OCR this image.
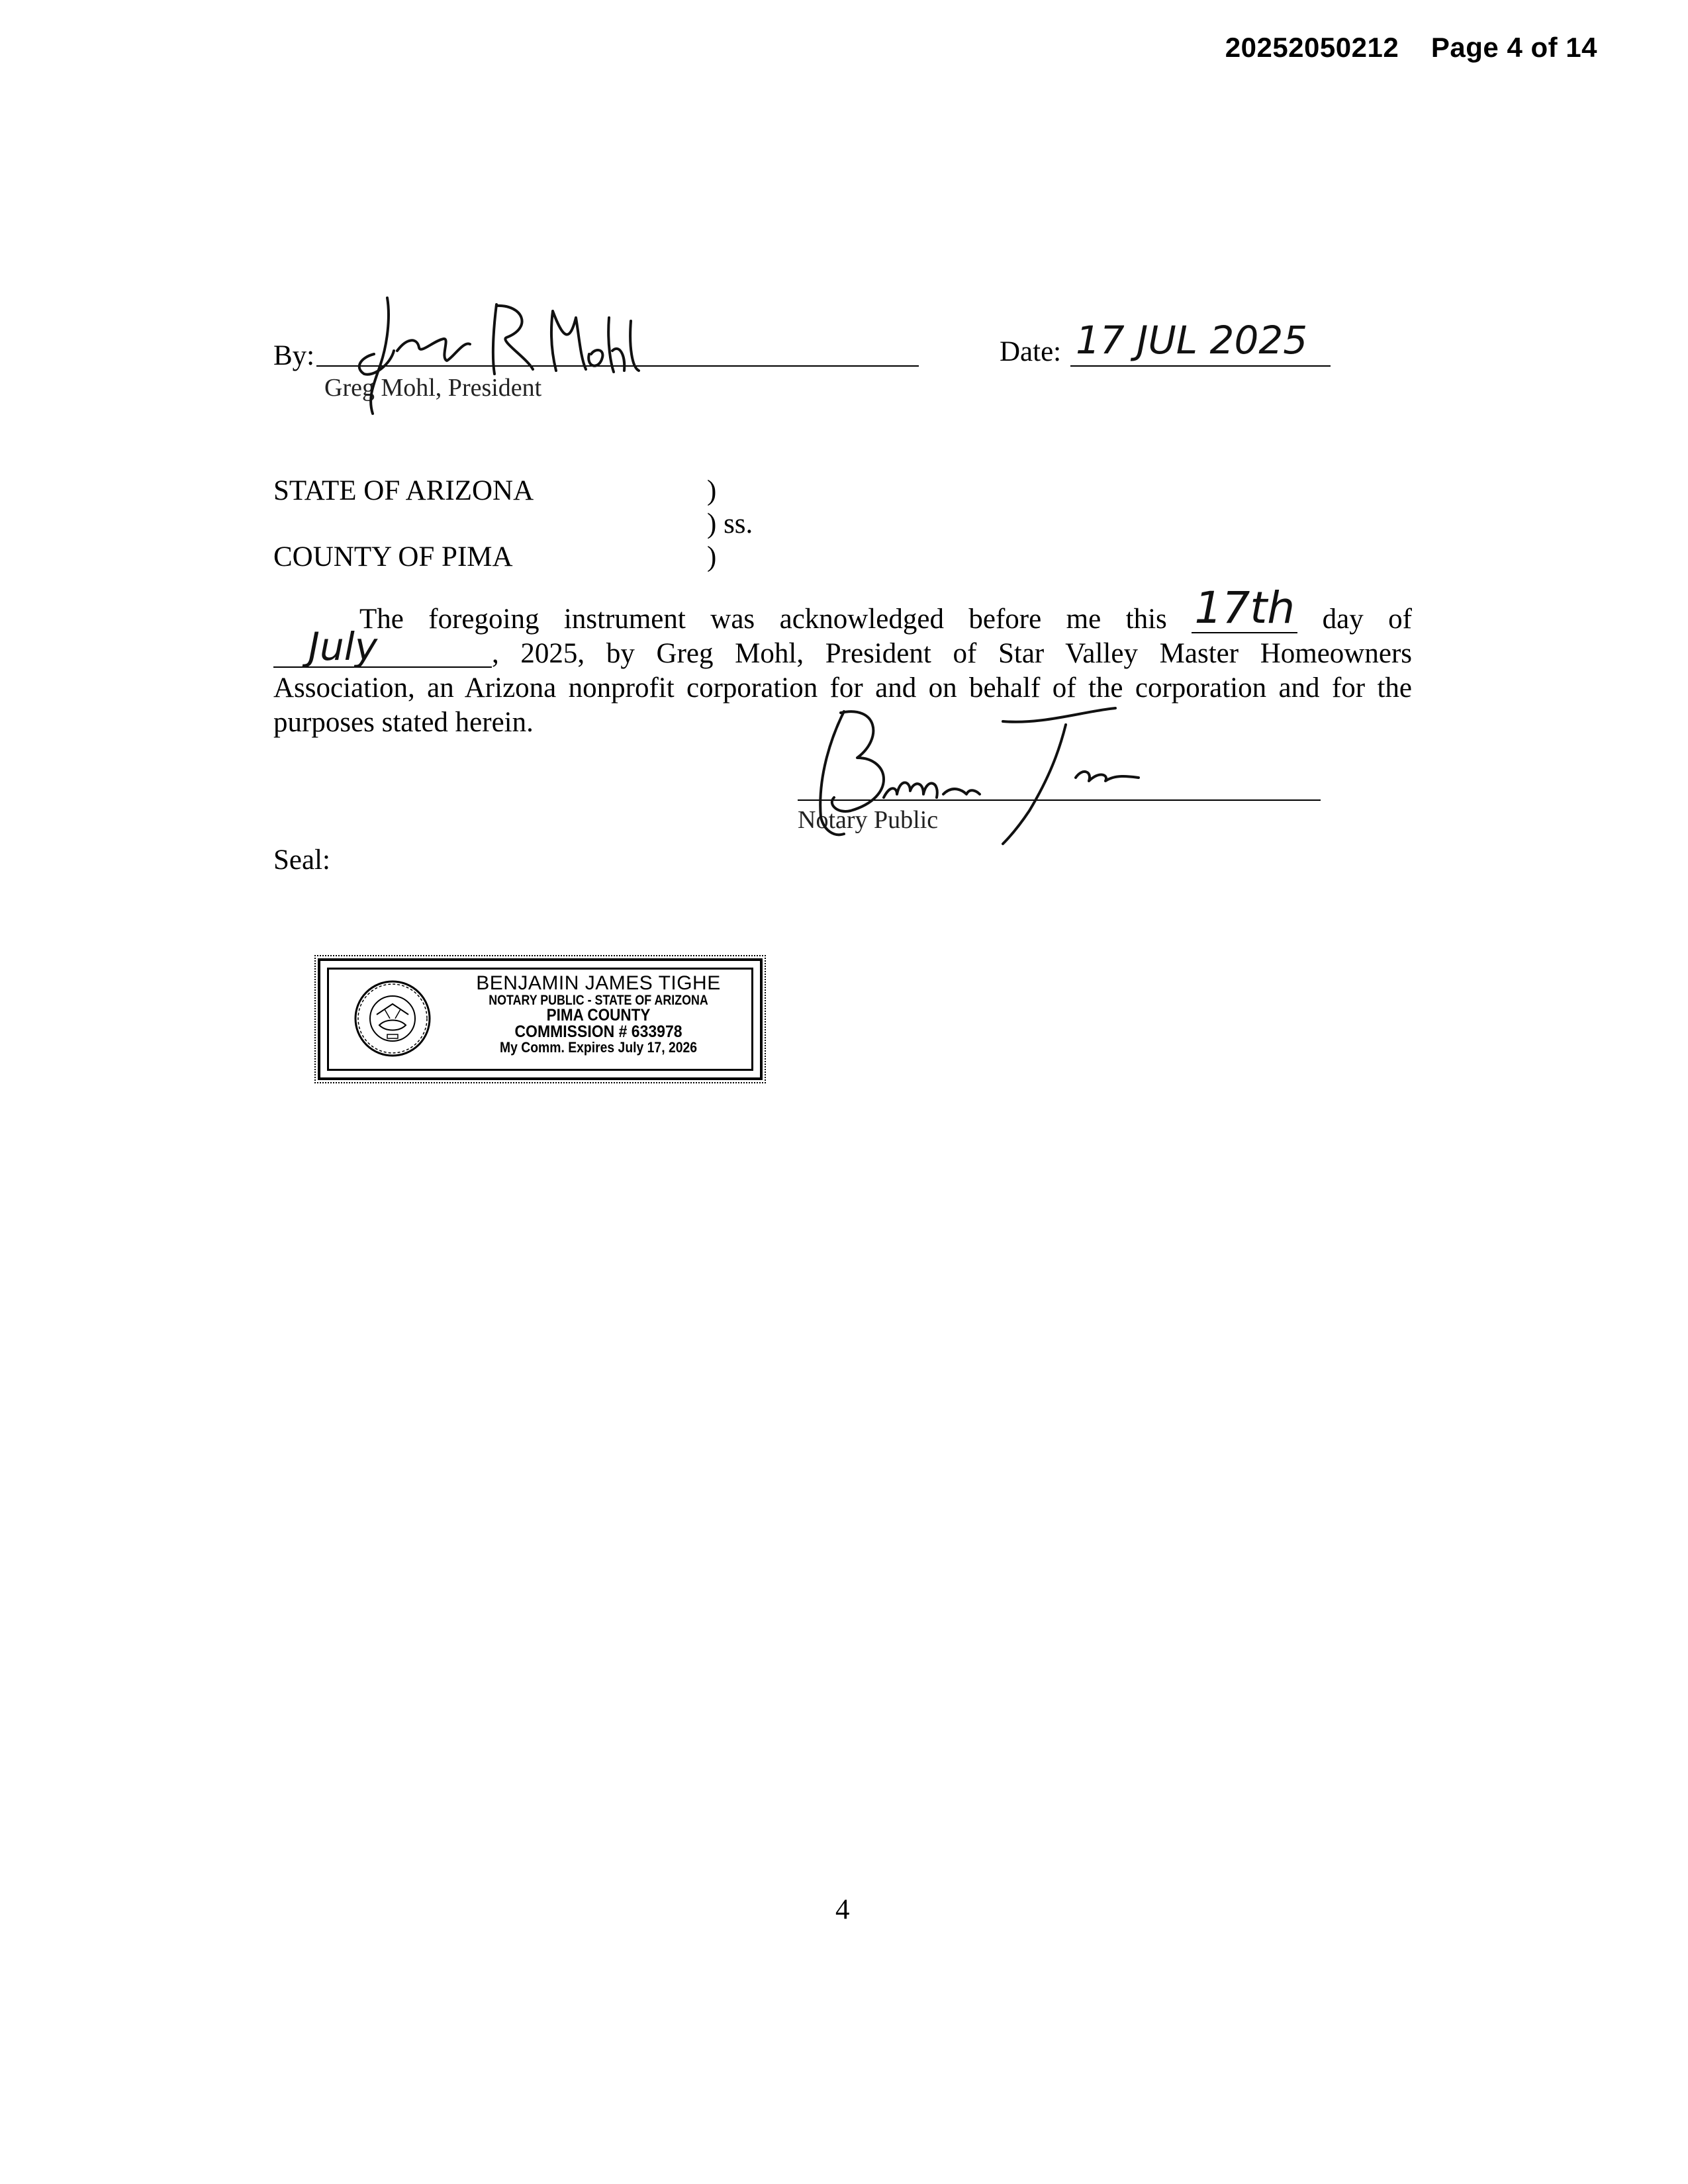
20252050212 Page 4 of 14
By:
Greg Mohl, President
Date: 17 JUL 2025
STATE OF ARIZONA
COUNTY OF PIMA
)
) ss.
)

The foregoing instrument was acknowledged before me this 17th day of July	, 2025, by Greg Mohl, President of Star Valley Master Homeowners Association, an Arizona nonprofit corporation for and on behalf of the corporation and for the purposes stated herein.

Notary Public
Seal:
BENJAMIN JAMES TIGHE
NOTARY PUBLIC - STATE OF ARIZONA
PIMA COUNTY
COMMISSION # 633978
My Comm. Expires July 17, 2026
4
